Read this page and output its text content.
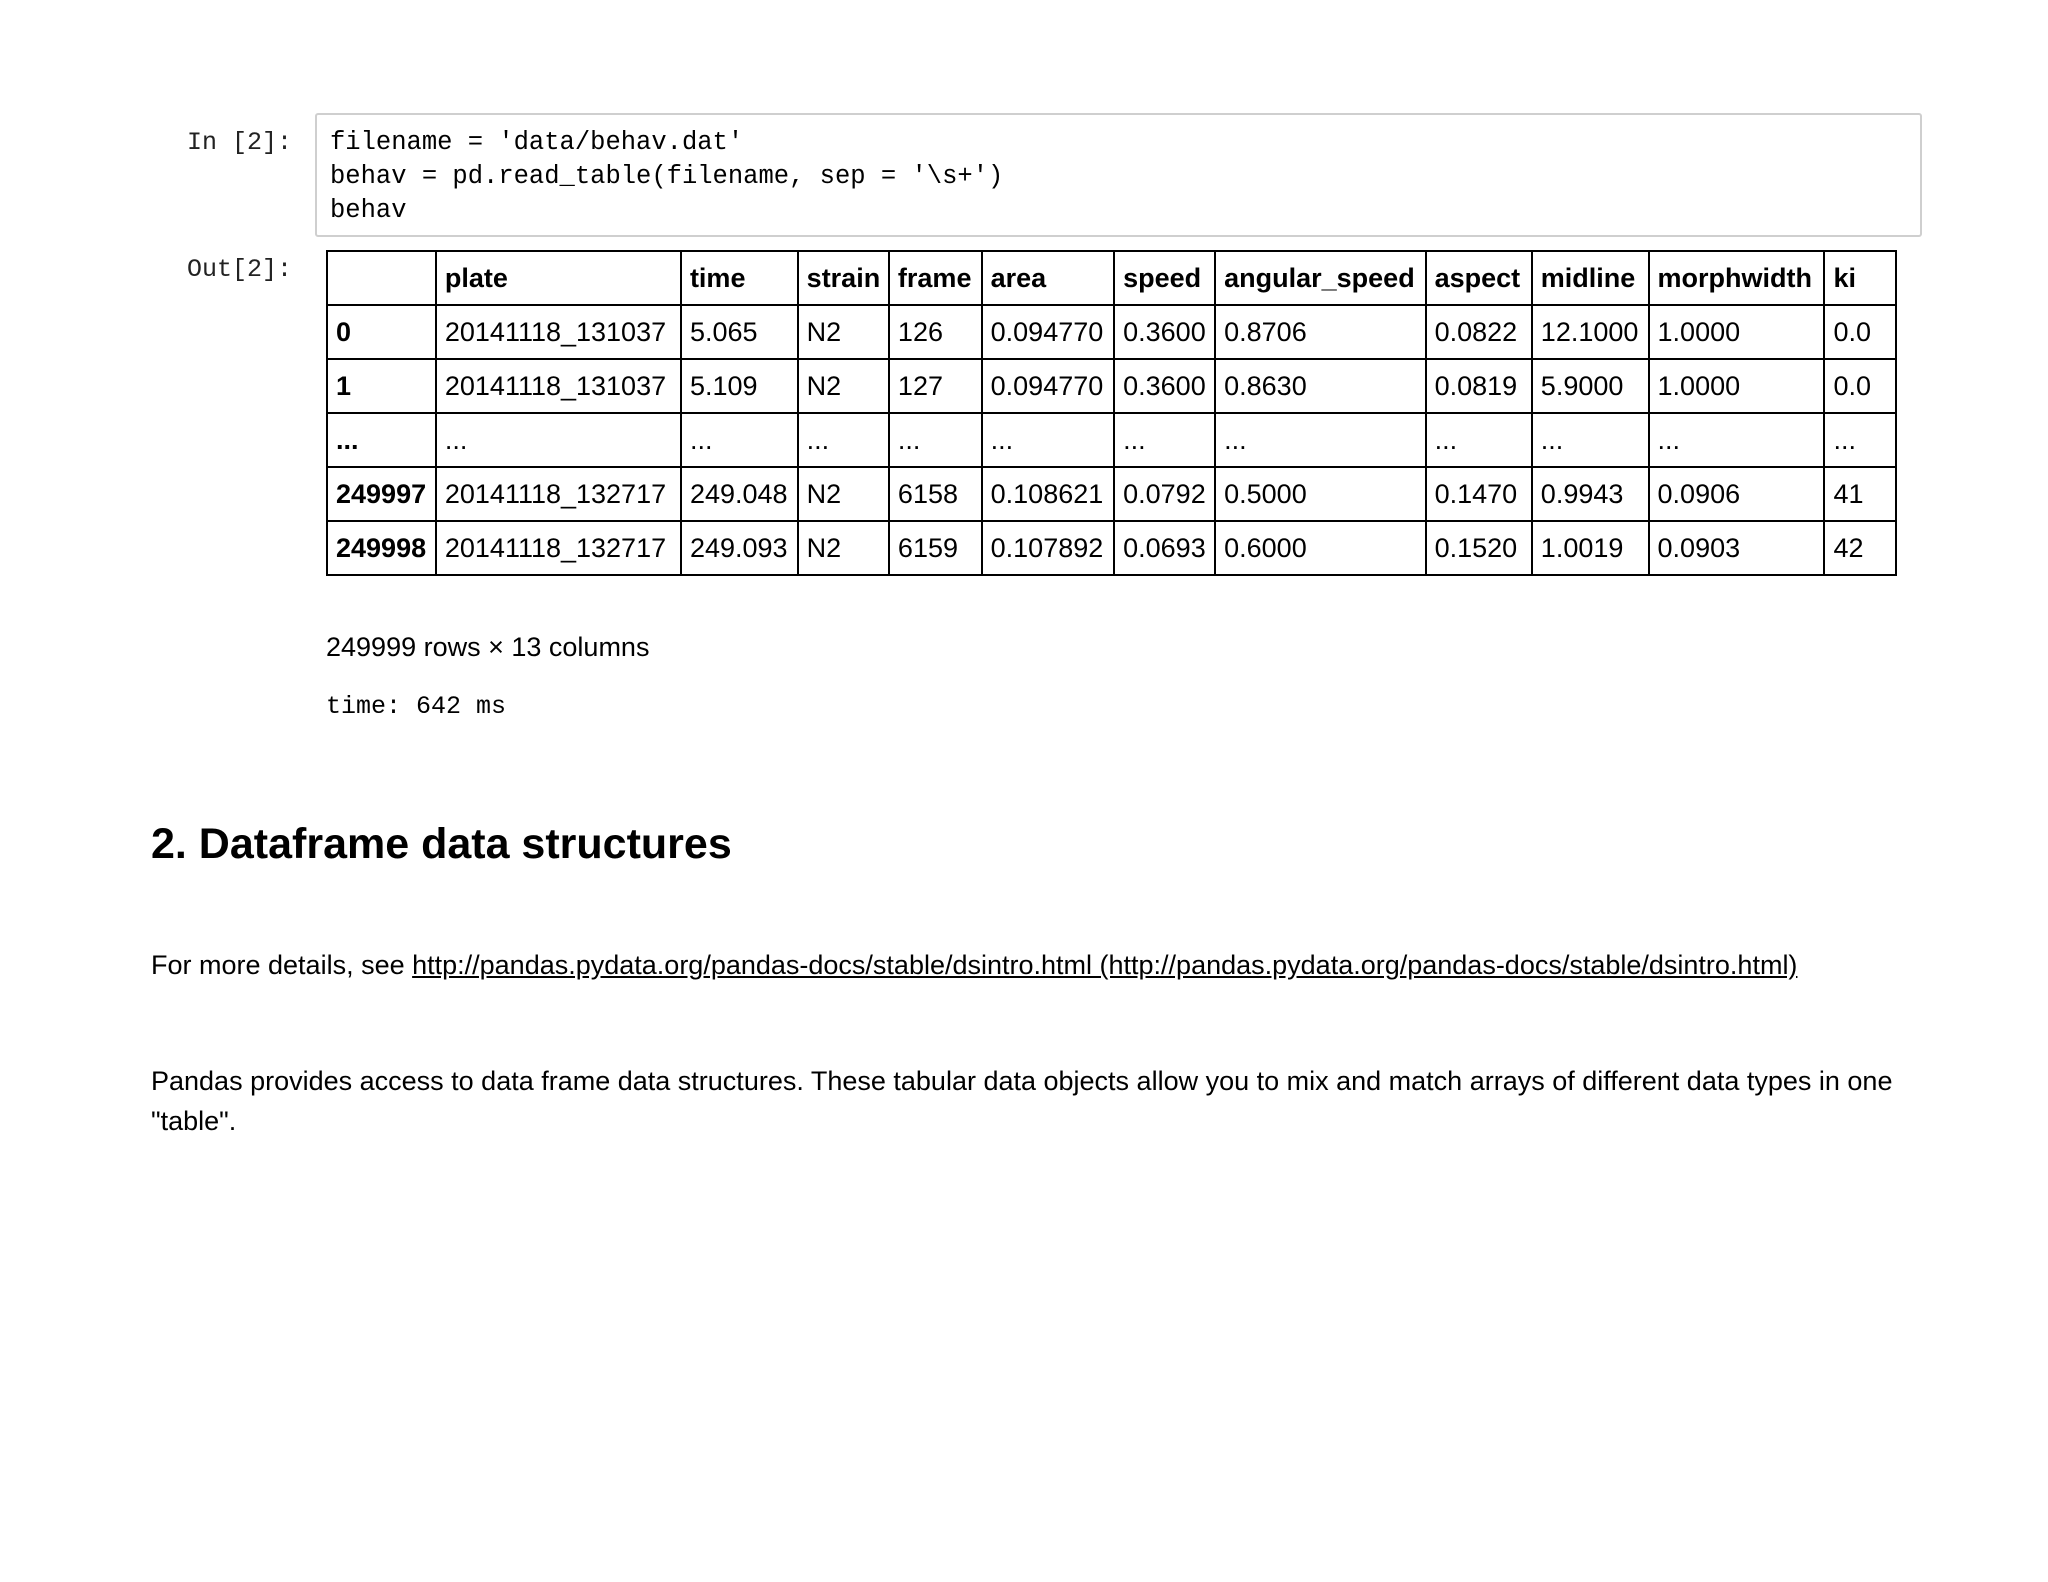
In [2]: filename = 'data/behav.dat'
behav = pd.read_table(filename, sep = '\s+')
behav
Out[2]:
		plate	time	strain	frame	area	speed	angular_speed	aspect	midline	morphwidth	ki
0	20141118_131037	5.065	N2	126	0.094770	0.3600	0.8706	0.0822	12.1000	1.0000	0.0
1	20141118_131037	5.109	N2	127	0.094770	0.3600	0.8630	0.0819	5.9000	1.0000	0.0
...	...	...	...	...	...	...	...	...	...	...	...
249997	20141118_132717	249.048	N2	6158	0.108621	0.0792	0.5000	0.1470	0.9943	0.0906	41
249998	20141118_132717	249.093	N2	6159	0.107892	0.0693	0.6000	0.1520	1.0019	0.0903	42
249999 rows × 13 columns
time: 642 ms
2. Dataframe data structures

For more details, see http://pandas.pydata.org/pandas-docs/stable/dsintro.html (http://pandas.pydata.org/pandas-docs/stable/dsintro.html)

Pandas provides access to data frame data structures. These tabular data objects allow you to mix and match arrays of different data types in one "table".
